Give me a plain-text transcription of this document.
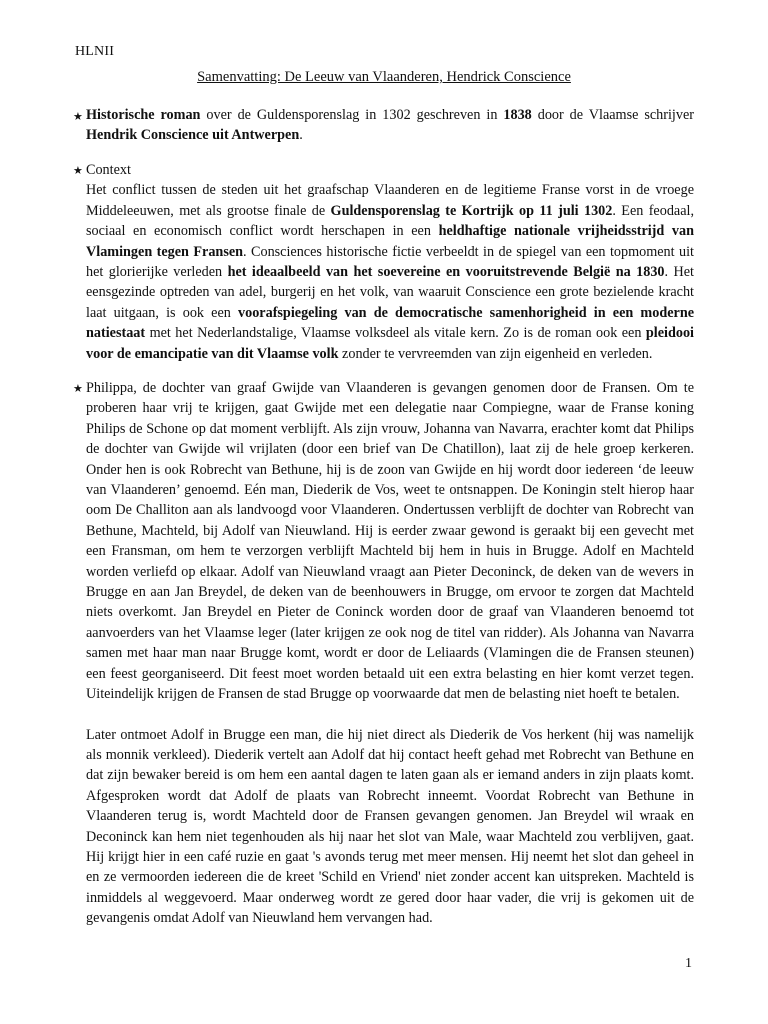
HLNII
Samenvatting: De Leeuw van Vlaanderen, Hendrick Conscience
★ Historische roman over de Guldensporenslag in 1302 geschreven in 1838 door de Vlaamse schrijver Hendrik Conscience uit Antwerpen.

★ Context

Het conflict tussen de steden uit het graafschap Vlaanderen en de legitieme Franse vorst in de vroege Middeleeuwen, met als grootse finale de Guldensporenslag te Kortrijk op 11 juli 1302. Een feodaal, sociaal en economisch conflict wordt herschapen in een heldhaftige nationale vrijheidsstrijd van Vlamingen tegen Fransen. Consciences historische fictie verbeeldt in de spiegel van een topmoment uit het glorierijke verleden het ideaalbeeld van het soevereine en vooruitstrevende België na 1830. Het eensgezinde optreden van adel, burgerij en het volk, van waaruit Conscience een grote bezielende kracht laat uitgaan, is ook een voorafspiegeling van de democratische samenhorigheid in een moderne natiestaat met het Nederlandstalige, Vlaamse volksdeel als vitale kern. Zo is de roman ook een pleidooi voor de emancipatie van dit Vlaamse volk zonder te vervreemden van zijn eigenheid en verleden.

★ Philippa, de dochter van graaf Gwijde van Vlaanderen is gevangen genomen door de Fransen. Om te proberen haar vrij te krijgen, gaat Gwijde met een delegatie naar Compiegne, waar de Franse koning Philips de Schone op dat moment verblijft. Als zijn vrouw, Johanna van Navarra, erachter komt dat Philips de dochter van Gwijde wil vrijlaten (door een brief van De Chatillon), laat zij de hele groep kerkeren. Onder hen is ook Robrecht van Bethune, hij is de zoon van Gwijde en hij wordt door iedereen ‘de leeuw van Vlaanderen’ genoemd. Eén man, Diederik de Vos, weet te ontsnappen. De Koningin stelt hierop haar oom De Challiton aan als landvoogd voor Vlaanderen. Ondertussen verblijft de dochter van Robrecht van Bethune, Machteld, bij Adolf van Nieuwland. Hij is eerder zwaar gewond is geraakt bij een gevecht met een Fransman, om hem te verzorgen verblijft Machteld bij hem in huis in Brugge. Adolf en Machteld worden verliefd op elkaar. Adolf van Nieuwland vraagt aan Pieter Deconinck, de deken van de wevers in Brugge en aan Jan Breydel, de deken van de beenhouwers in Brugge, om ervoor te zorgen dat Machteld niets overkomt. Jan Breydel en Pieter de Coninck worden door de graaf van Vlaanderen benoemd tot aanvoerders van het Vlaamse leger (later krijgen ze ook nog de titel van ridder). Als Johanna van Navarra samen met haar man naar Brugge komt, wordt er door de Leliaards (Vlamingen die de Fransen steunen) een feest georganiseerd. Dit feest moet worden betaald uit een extra belasting en hier komt verzet tegen. Uiteindelijk krijgen de Fransen de stad Brugge op voorwaarde dat men de belasting niet hoeft te betalen.

Later ontmoet Adolf in Brugge een man, die hij niet direct als Diederik de Vos herkent (hij was namelijk als monnik verkleed). Diederik vertelt aan Adolf dat hij contact heeft gehad met Robrecht van Bethune en dat zijn bewaker bereid is om hem een aantal dagen te laten gaan als er iemand anders in zijn plaats komt. Afgesproken wordt dat Adolf de plaats van Robrecht inneemt. Voordat Robrecht van Bethune in Vlaanderen terug is, wordt Machteld door de Fransen gevangen genomen. Jan Breydel wil wraak en Deconinck kan hem niet tegenhouden als hij naar het slot van Male, waar Machteld zou verblijven, gaat. Hij krijgt hier in een café ruzie en gaat 's avonds terug met meer mensen. Hij neemt het slot dan geheel in en ze vermoorden iedereen die de kreet 'Schild en Vriend' niet zonder accent kan uitspreken. Machteld is inmiddels al weggevoerd. Maar onderweg wordt ze gered door haar vader, die vrij is gekomen uit de gevangenis omdat Adolf van Nieuwland hem vervangen had.

1
